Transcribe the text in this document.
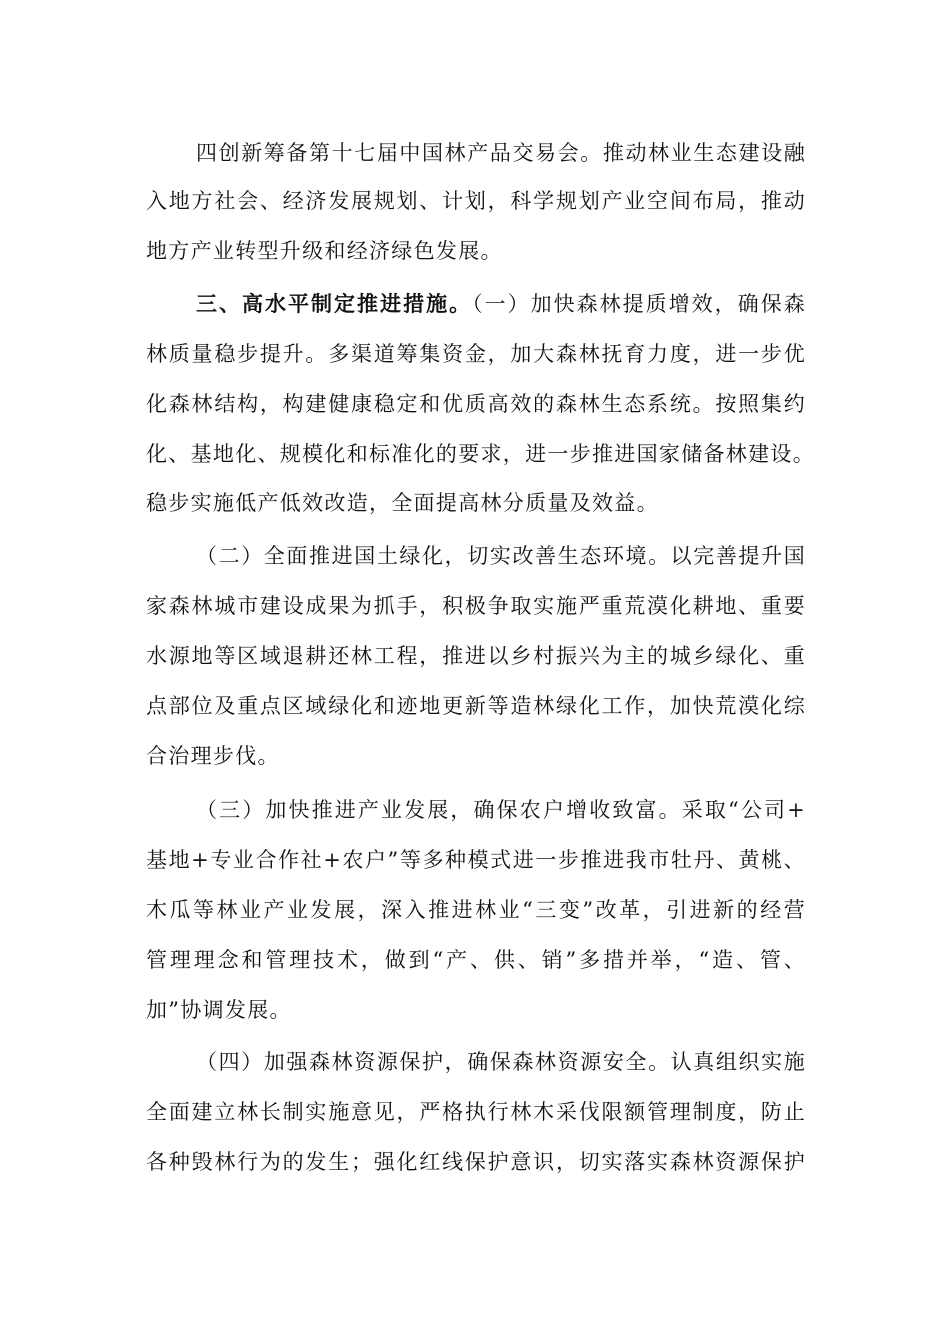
四创新筹备第十七届中国林产品交易会。推动林业生态建设融
入地方社会、经济发展规划、计划，科学规划产业空间布局，推动
地方产业转型升级和经济绿色发展。
三、高水平制定推进措施。（一）加快森林提质增效，确保森
林质量稳步提升。多渠道筹集资金，加大森林抚育力度，进一步优
化森林结构，构建健康稳定和优质高效的森林生态系统。按照集约
化、基地化、规模化和标准化的要求，进一步推进国家储备林建设。
稳步实施低产低效改造，全面提高林分质量及效益。
（二）全面推进国土绿化，切实改善生态环境。以完善提升国
家森林城市建设成果为抓手，积极争取实施严重荒漠化耕地、重要
水源地等区域退耕还林工程，推进以乡村振兴为主的城乡绿化、重
点部位及重点区域绿化和迹地更新等造林绿化工作，加快荒漠化综
合治理步伐。
（三）加快推进产业发展，确保农户增收致富。采取“公司+
基地+专业合作社+农户”等多种模式进一步推进我市牡丹、黄桃、
木瓜等林业产业发展，深入推进林业“三变”改革，引进新的经营
管理理念和管理技术，做到“产、供、销”多措并举，“造、管、
加”协调发展。
（四）加强森林资源保护，确保森林资源安全。认真组织实施
全面建立林长制实施意见，严格执行林木采伐限额管理制度，防止
各种毁林行为的发生；强化红线保护意识，切实落实森林资源保护
